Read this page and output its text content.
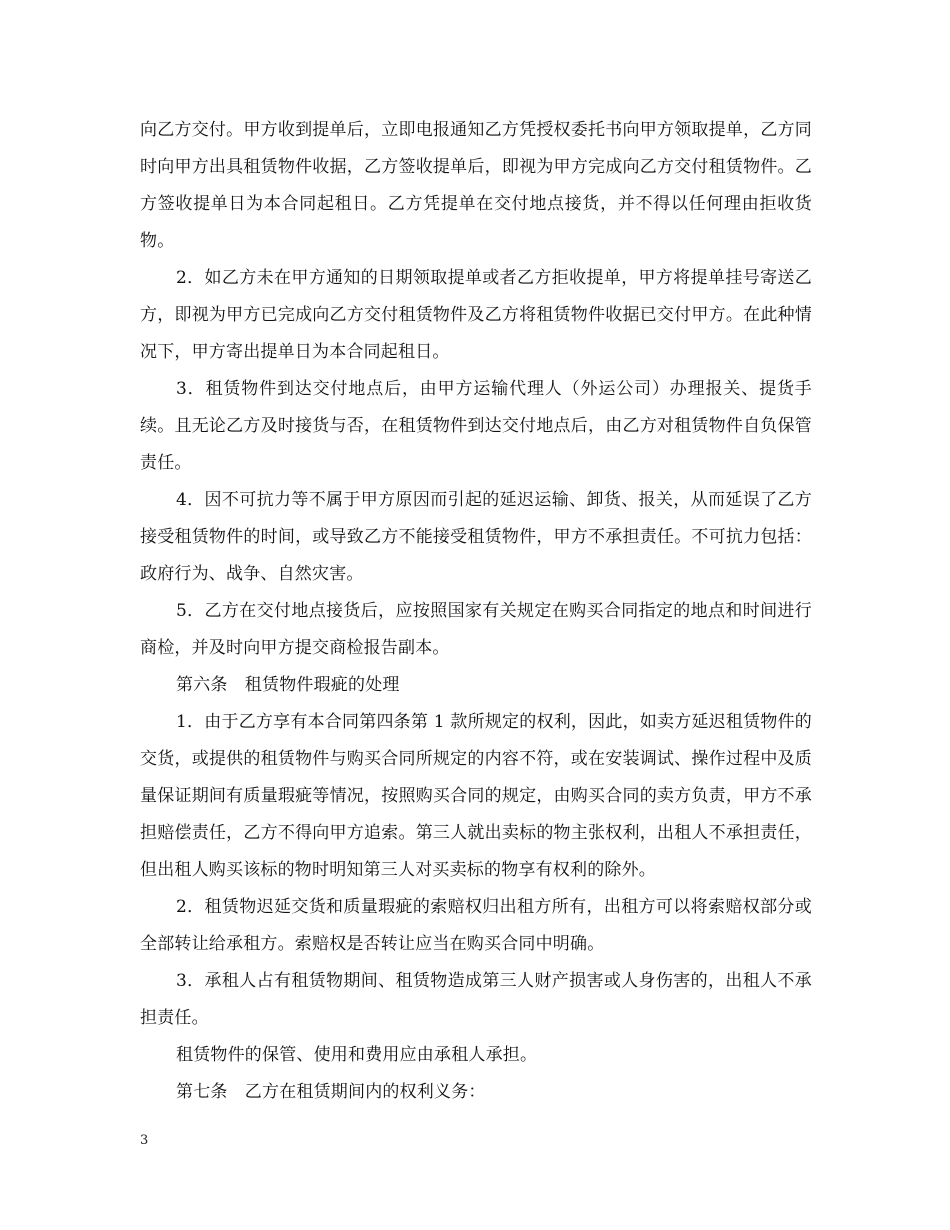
向乙方交付。甲方收到提单后，立即电报通知乙方凭授权委托书向甲方领取提单，乙方同时向甲方出具租赁物件收据，乙方签收提单后，即视为甲方完成向乙方交付租赁物件。乙方签收提单日为本合同起租日。乙方凭提单在交付地点接货，并不得以任何理由拒收货物。

2．如乙方未在甲方通知的日期领取提单或者乙方拒收提单，甲方将提单挂号寄送乙方，即视为甲方已完成向乙方交付租赁物件及乙方将租赁物件收据已交付甲方。在此种情况下，甲方寄出提单日为本合同起租日。

3．租赁物件到达交付地点后，由甲方运输代理人（外运公司）办理报关、提货手续。且无论乙方及时接货与否，在租赁物件到达交付地点后，由乙方对租赁物件自负保管责任。

4．因不可抗力等不属于甲方原因而引起的延迟运输、卸货、报关，从而延误了乙方接受租赁物件的时间，或导致乙方不能接受租赁物件，甲方不承担责任。不可抗力包括：政府行为、战争、自然灾害。

5．乙方在交付地点接货后，应按照国家有关规定在购买合同指定的地点和时间进行商检，并及时向甲方提交商检报告副本。

第六条　租赁物件瑕疵的处理

1．由于乙方享有本合同第四条第 1 款所规定的权利，因此，如卖方延迟租赁物件的交货，或提供的租赁物件与购买合同所规定的内容不符，或在安装调试、操作过程中及质量保证期间有质量瑕疵等情况，按照购买合同的规定，由购买合同的卖方负责，甲方不承担赔偿责任，乙方不得向甲方追索。第三人就出卖标的物主张权利，出租人不承担责任，但出租人购买该标的物时明知第三人对买卖标的物享有权利的除外。

2．租赁物迟延交货和质量瑕疵的索赔权归出租方所有，出租方可以将索赔权部分或全部转让给承租方。索赔权是否转让应当在购买合同中明确。

3．承租人占有租赁物期间、租赁物造成第三人财产损害或人身伤害的，出租人不承担责任。

租赁物件的保管、使用和费用应由承租人承担。

第七条　乙方在租赁期间内的权利义务：

3
